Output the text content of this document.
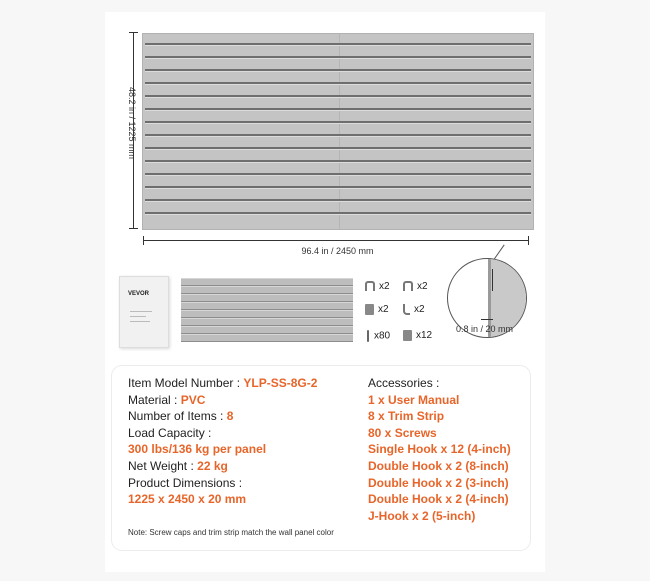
48.2 in / 1225 mm
96.4 in / 2450 mm
VEVOR
x2	x2
x2	x2
x80	x12
0.8 in / 20 mm
Item Model Number : YLP-SS-8G-2
Material : PVC
Number of Items : 8
Load Capacity :
300 lbs/136 kg per panel
Net Weight : 22 kg
Product Dimensions :
1225 x 2450 x 20 mm
Accessories :
1 x User Manual
8 x Trim Strip
80 x Screws
Single Hook x 12 (4-inch)
Double Hook x 2 (8-inch)
Double Hook x 2 (3-inch)
Double Hook x 2 (4-inch)
J-Hook x 2 (5-inch)
Note: Screw caps and trim strip match the wall panel color
